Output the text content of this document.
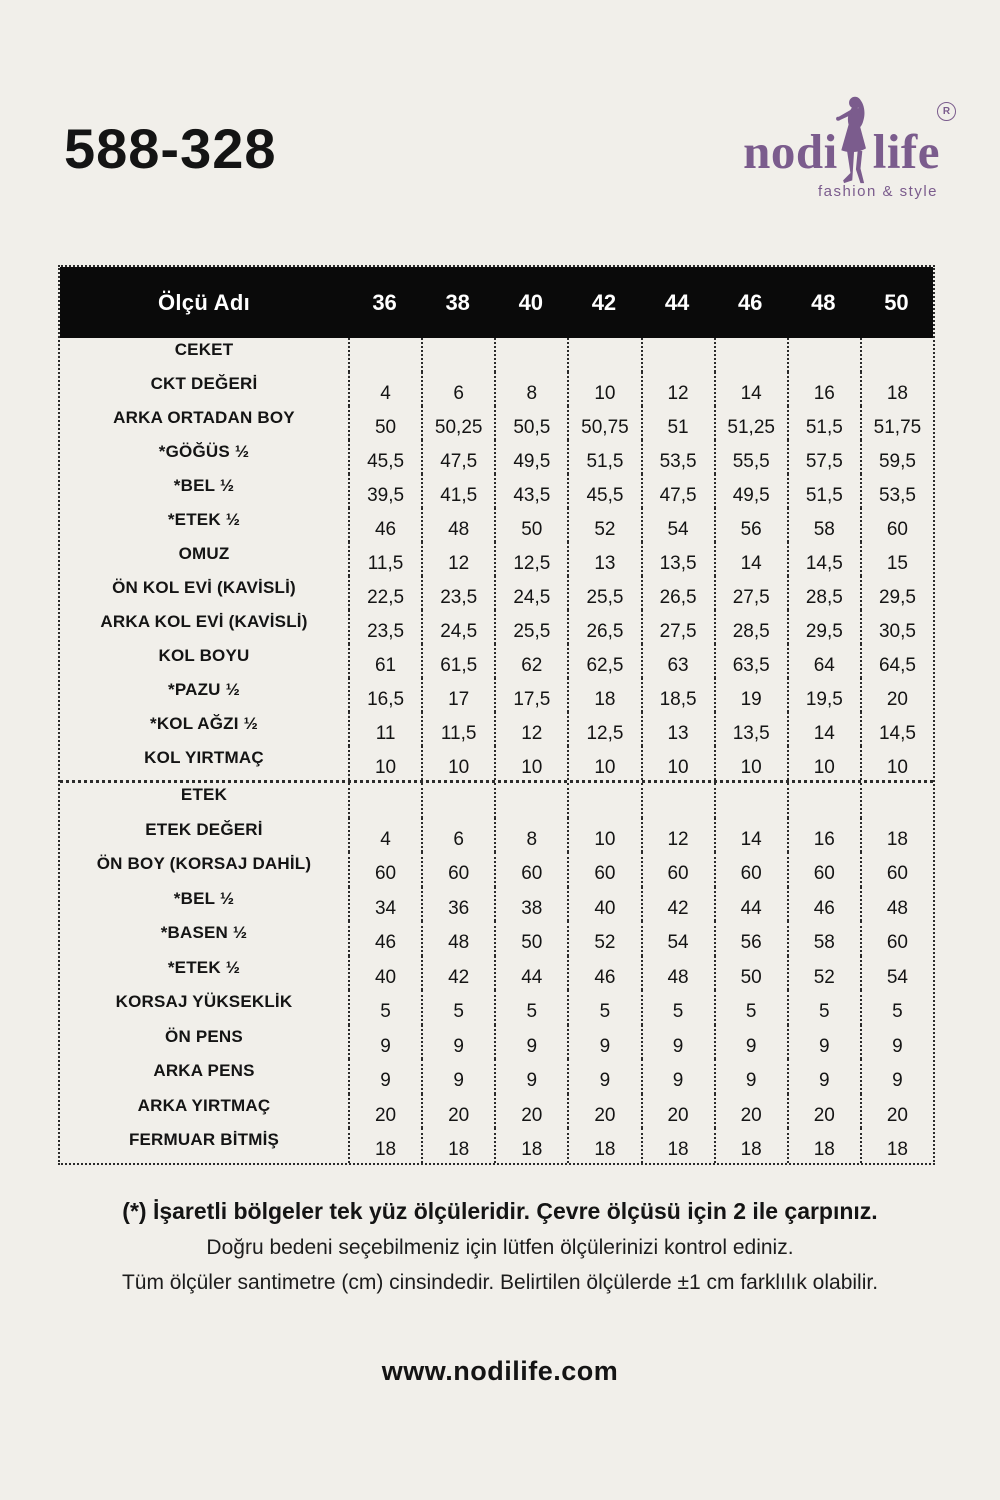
588-328	nodi life
R
fashion & style
Ölçü Adı	36	38	40	42	44	46	48	50
CEKET
CKT DEĞERİ	4	6	8	10	12	14	16	18
ARKA ORTADAN BOY	50 50,25 50,5 50,75 51 51,25 51,5 51,75
*GÖĞÜS ½	45,5 47,5 49,5 51,5 53,5 55,5 57,5 59,5
*BEL ½	39,5 41,5 43,5 45,5 47,5 49,5 51,5 53,5
*ETEK ½	46	48	50	52	54	56	58	60
OMUZ	11,5 12 12,5 13 13,5 14 14,5 15
ÖN KOL EVİ (KAVİSLİ)	22,5 23,5 24,5 25,5 26,5 27,5 28,5 29,5
ARKA KOL EVİ (KAVİSLİ)	23,5 24,5 25,5 26,5 27,5 28,5 29,5 30,5
KOL BOYU	61 61,5 62 62,5 63 63,5 64 64,5
*PAZU ½	16,5 17 17,5 18 18,5 19 19,5 20
*KOL AĞZI ½	11 11,5 12 12,5 13 13,5 14 14,5
KOL YIRTMAÇ	10	10	10	10	10	10	10	10
ETEK
ETEK DEĞERİ	4	6	8	10	12	14	16	18
ÖN BOY (KORSAJ DAHİL)	60	60	60	60	60	60	60	60
*BEL ½	34	36	38	40	42	44	46	48
*BASEN ½	46	48	50	52	54	56	58	60
*ETEK ½	40	42	44	46	48	50	52	54
KORSAJ YÜKSEKLİK	5	5	5	5	5	5	5	5
ÖN PENS	9	9	9	9	9	9	9	9
ARKA PENS	9	9	9	9	9	9	9	9
ARKA YIRTMAÇ	20	20	20	20	20	20	20	20
FERMUAR BİTMİŞ	18	18	18	18	18	18	18	18

(*) İşaretli bölgeler tek yüz ölçüleridir. Çevre ölçüsü için 2 ile çarpınız.

Doğru bedeni seçebilmeniz için lütfen ölçülerinizi kontrol ediniz.

Tüm ölçüler santimetre (cm) cinsindedir. Belirtilen ölçülerde ±1 cm farklılık olabilir.

www.nodilife.com
